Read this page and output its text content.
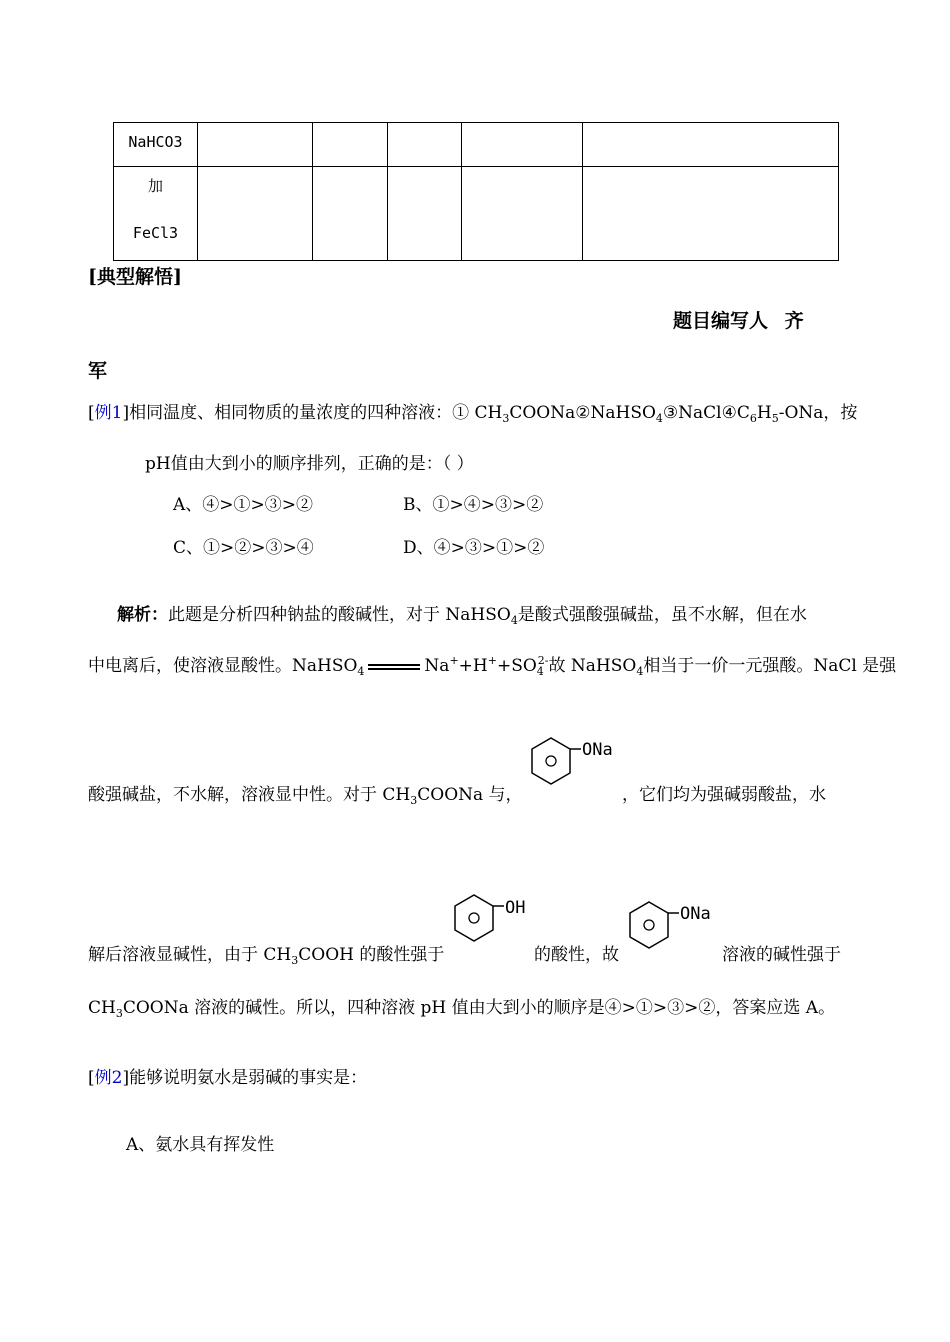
NaHCO3					

加
FeCl3					

[典型解悟]
题目编写人 齐
军
[例1]相同温度、相同物质的量浓度的四种溶液：① $CH_3COONa②NaHSO_4③NaCl④C_6H_5$-ONa，按
pH值由大到小的顺序排列，正确的是：（ ）
A、④>①>③>②	B、①>④>③>②
C、①>②>③>④	D、④>③>①>②
解析：此题是分析四种钠盐的酸碱性，对于 NaHSO$_4$是酸式强酸强碱盐，虽不水解，但在水
中电离后，使溶液显酸性。NaHSO$_4$	$Na^++H^++SO_4^{2-}$故 NaHSO$_4$相当于一价一元强酸。NaCl 是强
ONa
酸强碱盐，不水解，溶液显中性。对于 $CH_3COONa$ 与，	，它们均为强碱弱酸盐，水
OH	ONa
解后溶液显碱性，由于 $CH_3COOH$ 的酸性强于	的酸性，故	溶液的碱性强于
$CH_3COONa$ 溶液的碱性。所以，四种溶液 pH 值由大到小的顺序是④>①>③>②，答案应选 A。
[例2]能够说明氨水是弱碱的事实是：
A、氨水具有挥发性
